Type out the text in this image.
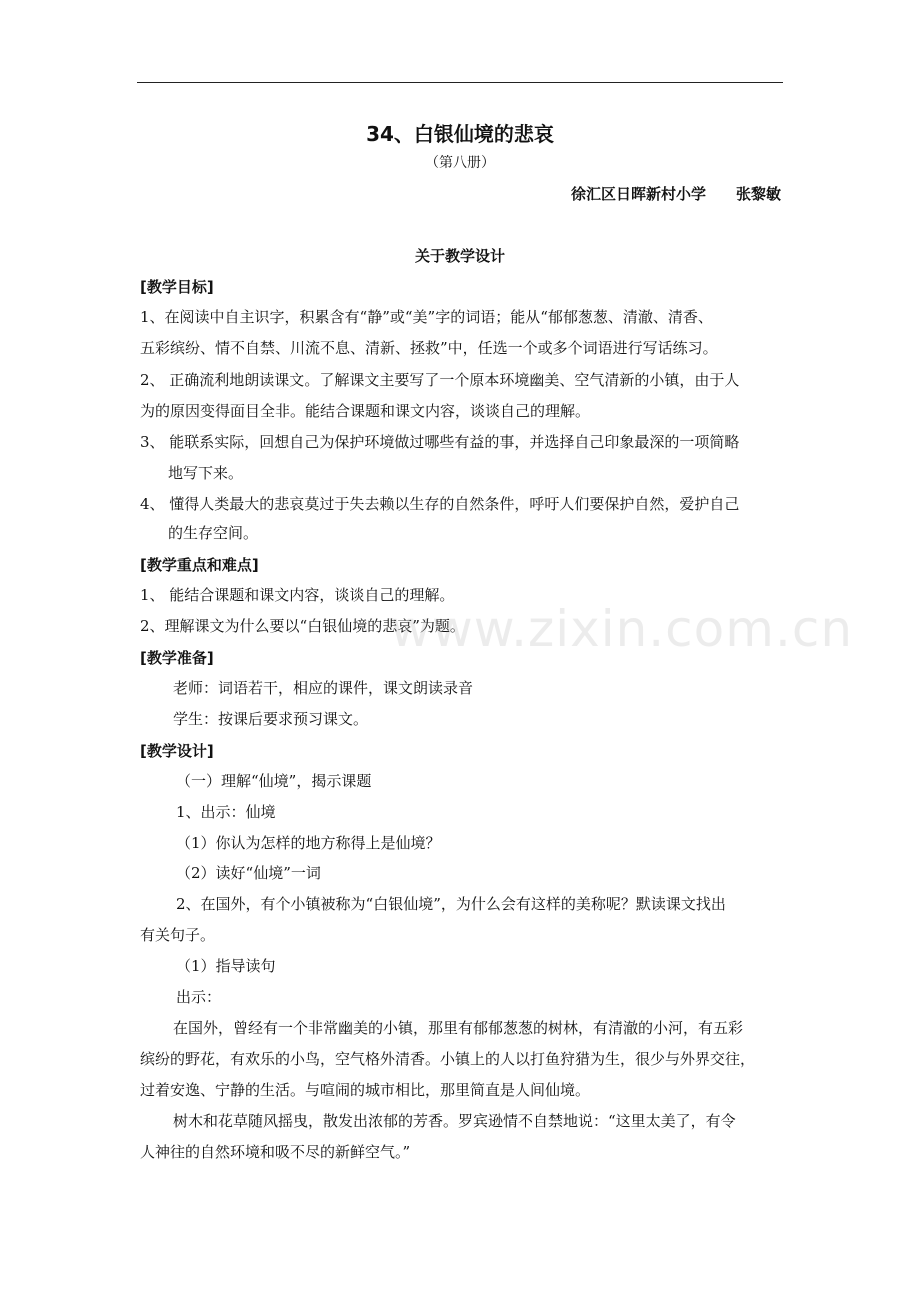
34、白银仙境的悲哀
（第八册）
徐汇区日晖新村小学 张黎敏
关于教学设计
[教学目标]
1、在阅读中自主识字，积累含有“静”或“美”字的词语；能从“郁郁葱葱、清澈、清香、
五彩缤纷、情不自禁、川流不息、清新、拯救”中，任选一个或多个词语进行写话练习。
2、 正确流利地朗读课文。了解课文主要写了一个原本环境幽美、空气清新的小镇，由于人
为的原因变得面目全非。能结合课题和课文内容，谈谈自己的理解。
3、 能联系实际，回想自己为保护环境做过哪些有益的事，并选择自己印象最深的一项简略
地写下来。
4、 懂得人类最大的悲哀莫过于失去赖以生存的自然条件，呼吁人们要保护自然，爱护自己
的生存空间。
[教学重点和难点]
1、 能结合课题和课文内容，谈谈自己的理解。
2、理解课文为什么要以“白银仙境的悲哀”为题。
[教学准备]
老师：词语若干，相应的课件，课文朗读录音
学生：按课后要求预习课文。
[教学设计]
（一）理解“仙境”，揭示课题
1、出示：仙境
（1）你认为怎样的地方称得上是仙境？
（2）读好“仙境”一词
2、在国外，有个小镇被称为“白银仙境”，为什么会有这样的美称呢？默读课文找出
有关句子。
（1）指导读句
出示：
在国外，曾经有一个非常幽美的小镇，那里有郁郁葱葱的树林，有清澈的小河，有五彩
缤纷的野花，有欢乐的小鸟，空气格外清香。小镇上的人以打鱼狩猎为生，很少与外界交往，
过着安逸、宁静的生活。与喧闹的城市相比，那里简直是人间仙境。
树木和花草随风摇曳，散发出浓郁的芳香。罗宾逊情不自禁地说：“这里太美了，有令
人神往的自然环境和吸不尽的新鲜空气。”
www.zixin.com.cn
